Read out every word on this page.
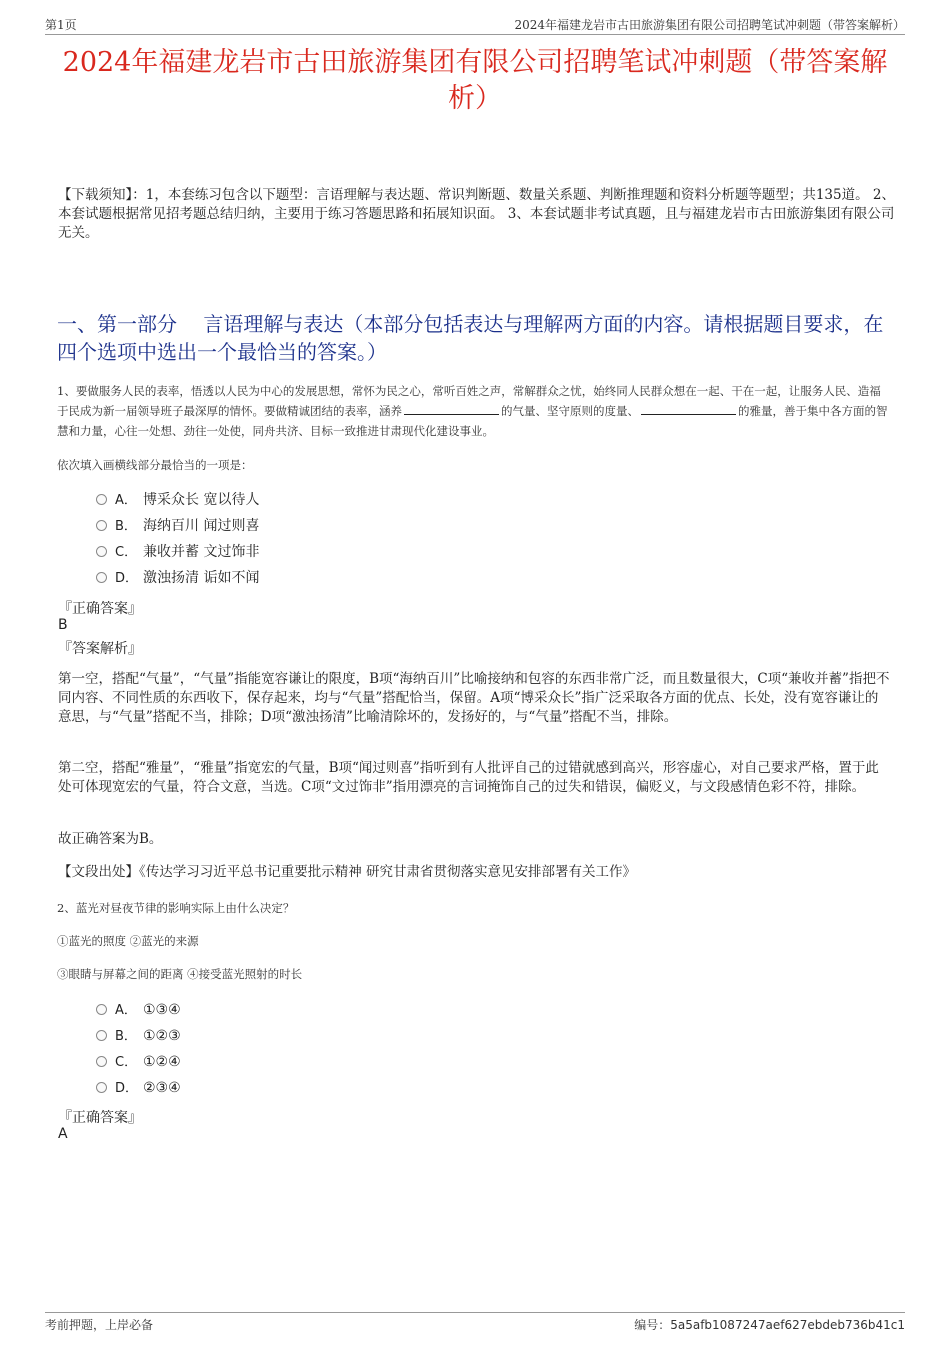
第1页	2024年福建龙岩市古田旅游集团有限公司招聘笔试冲刺题（带答案解析）
2024年福建龙岩市古田旅游集团有限公司招聘笔试冲刺题（带答案解析）
【下载须知】：1，本套练习包含以下题型：言语理解与表达题、常识判断题、数量关系题、判断推理题和资料分析题等题型；共135道。 2、本套试题根据常见招考题总结归纳，主要用于练习答题思路和拓展知识面。 3、本套试题非考试真题，且与福建龙岩市古田旅游集团有限公司无关。
一、第一部分　 言语理解与表达（本部分包括表达与理解两方面的内容。请根据题目要求，在四个选项中选出一个最恰当的答案。）
1、要做服务人民的表率，悟透以人民为中心的发展思想，常怀为民之心，常听百姓之声，常解群众之忧，始终同人民群众想在一起、干在一起，让服务人民、造福于民成为新一届领导班子最深厚的情怀。要做精诚团结的表率，涵养	的气量、坚守原则的度量、	的雅量，善于集中各方面的智慧和力量，心往一处想、劲往一处使，同舟共济、目标一致推进甘肃现代化建设事业。
依次填入画横线部分最恰当的一项是：
A． 博采众长 宽以待人
B． 海纳百川 闻过则喜
C． 兼收并蓄 文过饰非
D． 激浊扬清 诟如不闻
『正确答案』
B
『答案解析』
第一空，搭配“气量”，“气量”指能宽容谦让的限度，B项“海纳百川”比喻接纳和包容的东西非常广泛，而且数量很大，C项“兼收并蓄”指把不同内容、不同性质的东西收下，保存起来，均与“气量”搭配恰当，保留。A项“博采众长”指广泛采取各方面的优点、长处，没有宽容谦让的意思，与“气量”搭配不当，排除；D项“激浊扬清”比喻清除坏的，发扬好的，与“气量”搭配不当，排除。
第二空，搭配“雅量”，“雅量”指宽宏的气量，B项“闻过则喜”指听到有人批评自己的过错就感到高兴，形容虚心，对自己要求严格，置于此处可体现宽宏的气量，符合文意，当选。C项“文过饰非”指用漂亮的言词掩饰自己的过失和错误，偏贬义，与文段感情色彩不符，排除。
故正确答案为B。
【文段出处】《传达学习习近平总书记重要批示精神 研究甘肃省贯彻落实意见安排部署有关工作》
2、蓝光对昼夜节律的影响实际上由什么决定？
①蓝光的照度 ②蓝光的来源
③眼睛与屏幕之间的距离 ④接受蓝光照射的时长
A． ①③④
B． ①②③
C． ①②④
D． ②③④
『正确答案』
A
考前押题，上岸必备	编号：5a5afb1087247aef627ebdeb736b41c1
